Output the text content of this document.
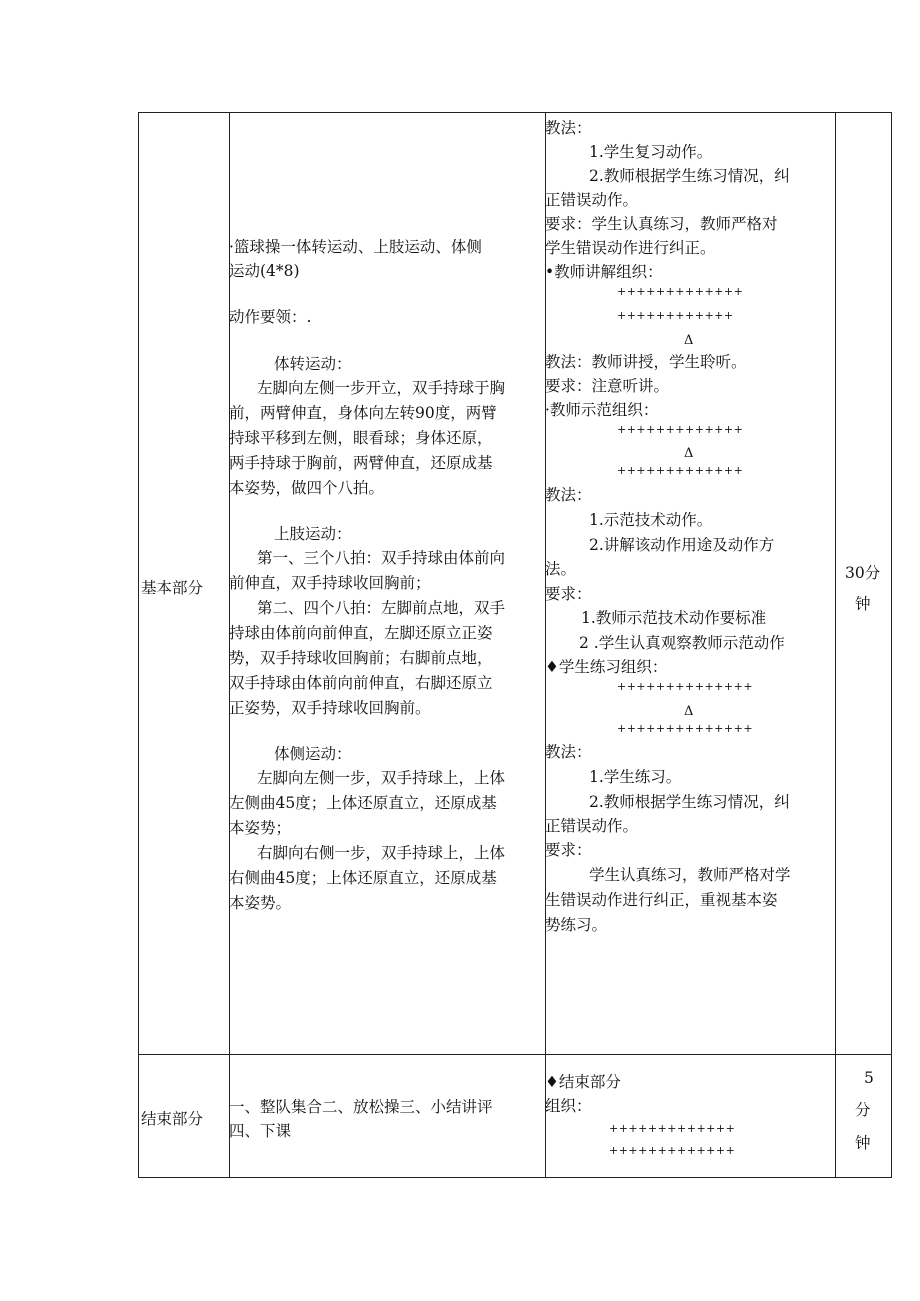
基本部分
·篮球操一体转运动、上肢运动、体侧
运动(4*8)
动作要领：.
体转运动：
左脚向左侧一步开立，双手持球于胸
前，两臂伸直，身体向左转90度，两臂
持球平移到左侧，眼看球；身体还原，
两手持球于胸前，两臂伸直，还原成基
本姿势，做四个八拍。
上肢运动：
第一、三个八拍：双手持球由体前向
前伸直，双手持球收回胸前；
第二、四个八拍：左脚前点地，双手
持球由体前向前伸直，左脚还原立正姿
势，双手持球收回胸前；右脚前点地，
双手持球由体前向前伸直，右脚还原立
正姿势，双手持球收回胸前。
体侧运动：
左脚向左侧一步，双手持球上，上体
左侧曲45度；上体还原直立，还原成基
本姿势；
右脚向右侧一步，双手持球上，上体
右侧曲45度；上体还原直立，还原成基
本姿势。
教法：
1.学生复习动作。
2.教师根据学生练习情况，纠
正错误动作。
要求：学生认真练习，教师严格对
学生错误动作进行纠正。
•教师讲解组织：
+++++++++++++
++++++++++++
Δ
教法：教师讲授，学生聆听。
要求：注意听讲。
·教师示范组织：
+++++++++++++
Δ
+++++++++++++
教法：
1.示范技术动作。
2.讲解该动作用途及动作方
法。
要求：
1.教师示范技术动作要标准
2 .学生认真观察教师示范动作
♦学生练习组织：
++++++++++++++
Δ
++++++++++++++
教法：
1.学生练习。
2.教师根据学生练习情况，纠
正错误动作。
要求：
学生认真练习，教师严格对学
生错误动作进行纠正，重视基本姿
势练习。
30分
钟
结束部分
一、整队集合二、放松操三、小结讲评
四、下课
♦结束部分
组织：
+++++++++++++
+++++++++++++
5
分
钟
